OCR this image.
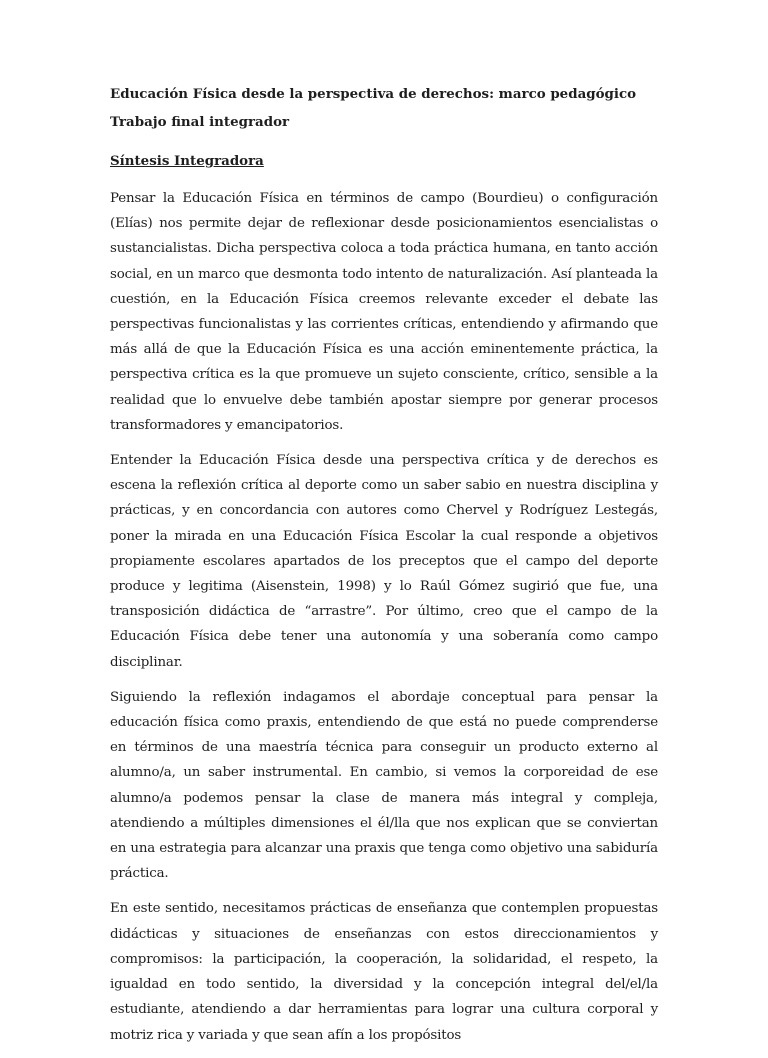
Educación Física desde la perspectiva de derechos: marco pedagógico Trabajo final integrador

Síntesis Integradora

Pensar la Educación Física en términos de campo (Bourdieu) o configuración (Elías) nos permite dejar de reflexionar desde posicionamientos esencialistas o sustancialistas. Dicha perspectiva coloca a toda práctica humana, en tanto acción social, en un marco que desmonta todo intento de naturalización. Así planteada la cuestión, en la Educación Física creemos relevante exceder el debate las perspectivas funcionalistas y las corrientes críticas, entendiendo y afirmando que más allá de que la Educación Física es una acción eminentemente práctica, la perspectiva crítica es la que promueve un sujeto consciente, crítico, sensible a la realidad que lo envuelve debe también apostar siempre por generar procesos transformadores y emancipatorios.

Entender la Educación Física desde una perspectiva crítica y de derechos es escena la reflexión crítica al deporte como un saber sabio en nuestra disciplina y prácticas, y en concordancia con autores como Chervel y Rodríguez Lestegás, poner la mirada en una Educación Física Escolar la cual responde a objetivos propiamente escolares apartados de los preceptos que el campo del deporte produce y legitima (Aisenstein, 1998) y lo Raúl Gómez sugirió que fue, una transposición didáctica de “arrastre”. Por último, creo que el campo de la Educación Física debe tener una autonomía y una soberanía como campo disciplinar.

Siguiendo la reflexión indagamos el abordaje conceptual para pensar la educación física como praxis, entendiendo de que está no puede comprenderse en términos de una maestría técnica para conseguir un producto externo al alumno/a, un saber instrumental. En cambio, si vemos la corporeidad de ese alumno/a podemos pensar la clase de manera más integral y compleja, atendiendo a múltiples dimensiones el él/lla que nos explican que se conviertan en una estrategia para alcanzar una praxis que tenga como objetivo una sabiduría práctica.

En este sentido, necesitamos prácticas de enseñanza que contemplen propuestas didácticas y situaciones de enseñanzas con estos direccionamientos y compromisos: la participación, la cooperación, la solidaridad, el respeto, la igualdad en todo sentido, la diversidad y la concepción integral del/el/la estudiante, atendiendo a dar herramientas para lograr una cultura corporal y motriz rica y variada y que sean afín a los propósitos
